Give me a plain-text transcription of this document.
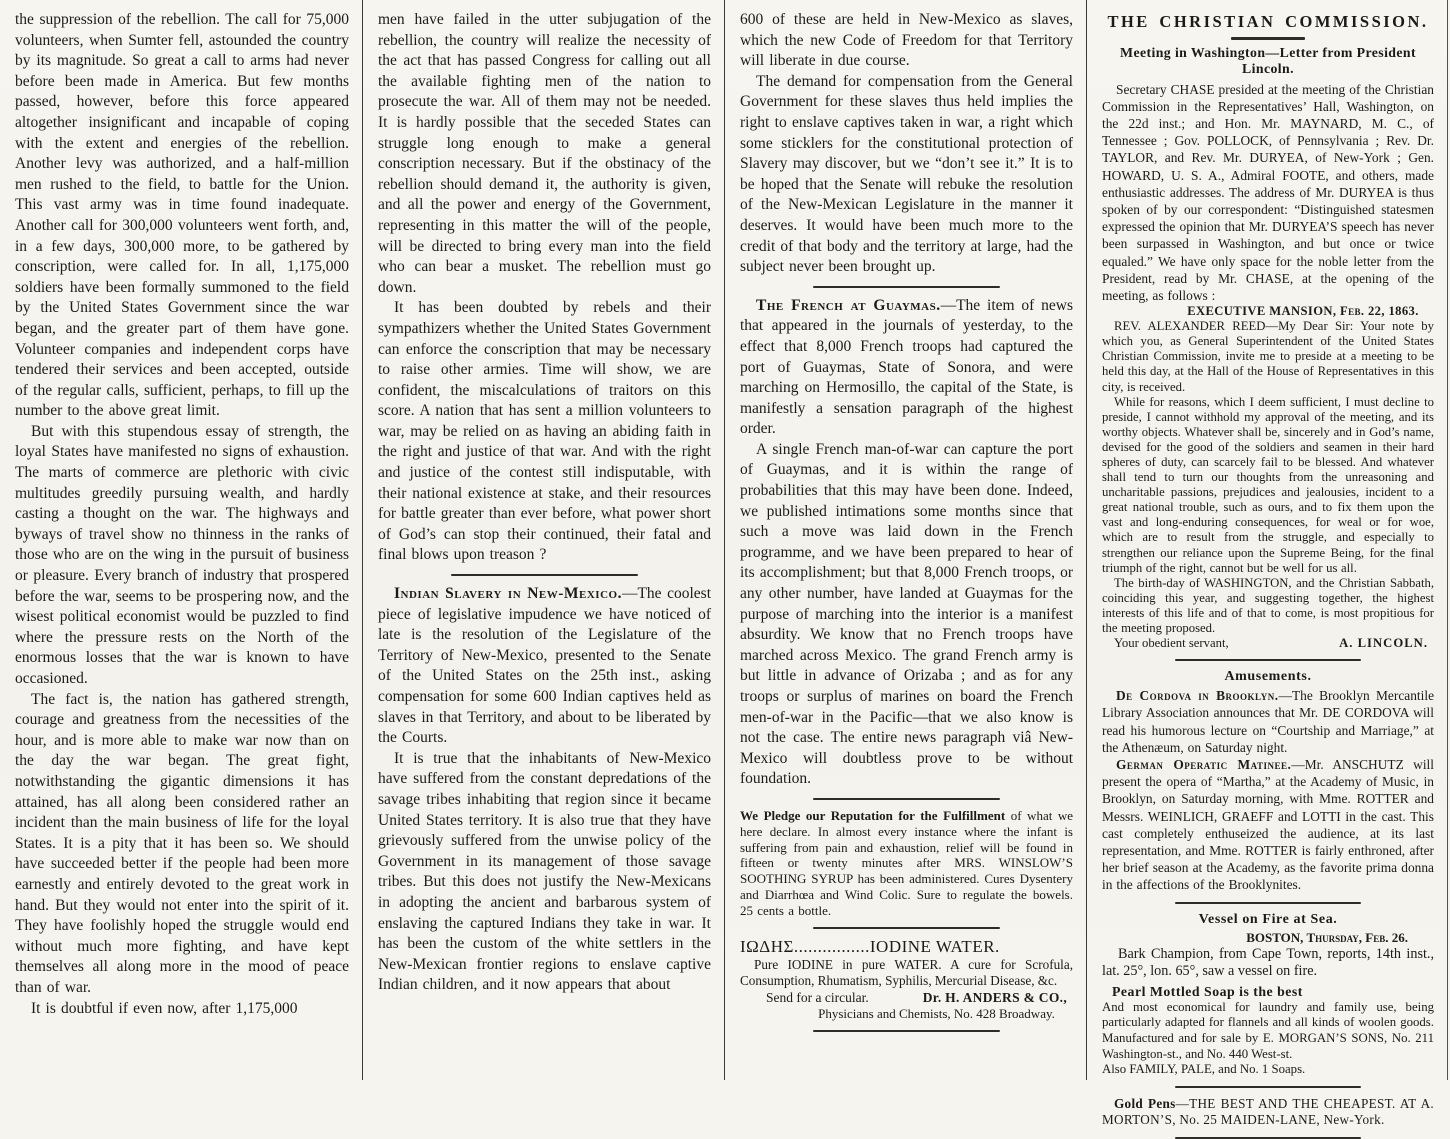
the suppression of the rebellion. The call for 75,000 volunteers, when Sumter fell, astounded the country by its magnitude. So great a call to arms had never before been made in America. But few months passed, however, before this force appeared altogether insignificant and incapable of coping with the extent and energies of the rebellion. Another levy was authorized, and a half-million men rushed to the field, to battle for the Union. This vast army was in time found inadequate. Another call for 300,000 volunteers went forth, and, in a few days, 300,000 more, to be gathered by conscription, were called for. In all, 1,175,000 soldiers have been formally summoned to the field by the United States Government since the war began, and the greater part of them have gone. Volunteer companies and independent corps have tendered their services and been accepted, outside of the regular calls, sufficient, perhaps, to fill up the number to the above great limit.

But with this stupendous essay of strength, the loyal States have manifested no signs of exhaustion. The marts of commerce are plethoric with civic multitudes greedily pursuing wealth, and hardly casting a thought on the war. The highways and byways of travel show no thinness in the ranks of those who are on the wing in the pursuit of business or pleasure. Every branch of industry that prospered before the war, seems to be prospering now, and the wisest political economist would be puzzled to find where the pressure rests on the North of the enormous losses that the war is known to have occasioned.

The fact is, the nation has gathered strength, courage and greatness from the necessities of the hour, and is more able to make war now than on the day the war began. The great fight, notwithstanding the gigantic dimensions it has attained, has all along been considered rather an incident than the main business of life for the loyal States. It is a pity that it has been so. We should have succeeded better if the people had been more earnestly and entirely devoted to the great work in hand. But they would not enter into the spirit of it. They have foolishly hoped the struggle would end without much more fighting, and have kept themselves all along more in the mood of peace than of war.

It is doubtful if even now, after 1,175,000

men have failed in the utter subjugation of the rebellion, the country will realize the necessity of the act that has passed Congress for calling out all the available fighting men of the nation to prosecute the war. All of them may not be needed. It is hardly possible that the seceded States can struggle long enough to make a general conscription necessary. But if the obstinacy of the rebellion should demand it, the authority is given, and all the power and energy of the Government, representing in this matter the will of the people, will be directed to bring every man into the field who can bear a musket. The rebellion must go down.

It has been doubted by rebels and their sympathizers whether the United States Government can enforce the conscription that may be necessary to raise other armies. Time will show, we are confident, the miscalculations of traitors on this score. A nation that has sent a million volunteers to war, may be relied on as having an abiding faith in the right and justice of that war. And with the right and justice of the contest still indisputable, with their national existence at stake, and their resources for battle greater than ever before, what power short of God’s can stop their continued, their fatal and final blows upon treason ?

Indian Slavery in New-Mexico.—The coolest piece of legislative impudence we have noticed of late is the resolution of the Legislature of the Territory of New-Mexico, presented to the Senate of the United States on the 25th inst., asking compensation for some 600 Indian captives held as slaves in that Territory, and about to be liberated by the Courts.

It is true that the inhabitants of New-Mexico have suffered from the constant depredations of the savage tribes inhabiting that region since it became United States territory. It is also true that they have grievously suffered from the unwise policy of the Government in its management of those savage tribes. But this does not justify the New-Mexicans in adopting the ancient and barbarous system of enslaving the captured Indians they take in war. It has been the custom of the white settlers in the New-Mexican frontier regions to enslave captive Indian children, and it now appears that about

600 of these are held in New-Mexico as slaves, which the new Code of Freedom for that Territory will liberate in due course.

The demand for compensation from the General Government for these slaves thus held implies the right to enslave captives taken in war, a right which some sticklers for the constitutional protection of Slavery may discover, but we “don’t see it.” It is to be hoped that the Senate will rebuke the resolution of the New-Mexican Legislature in the manner it deserves. It would have been much more to the credit of that body and the territory at large, had the subject never been brought up.

The French at Guaymas.—The item of news that appeared in the journals of yesterday, to the effect that 8,000 French troops had captured the port of Guaymas, State of Sonora, and were marching on Hermosillo, the capital of the State, is manifestly a sensation paragraph of the highest order.

A single French man-of-war can capture the port of Guaymas, and it is within the range of probabilities that this may have been done. Indeed, we published intimations some months since that such a move was laid down in the French programme, and we have been prepared to hear of its accomplishment; but that 8,000 French troops, or any other number, have landed at Guaymas for the purpose of marching into the interior is a manifest absurdity. We know that no French troops have marched across Mexico. The grand French army is but little in advance of Orizaba ; and as for any troops or surplus of marines on board the French men-of-war in the Pacific—that we also know is not the case. The entire news paragraph viâ New-Mexico will doubtless prove to be without foundation.

We Pledge our Reputation for the Fulfillment of what we here declare. In almost every instance where the infant is suffering from pain and exhaustion, relief will be found in fifteen or twenty minutes after MRS. WINSLOW’S SOOTHING SYRUP has been administered. Cures Dysentery and Diarrhœa and Wind Colic. Sure to regulate the bowels. 25 cents a bottle.

ΙΩΔΗΣ................IODINE WATER.

Pure IODINE in pure WATER. A cure for Scrofula, Consumption, Rhumatism, Syphilis, Mercurial Disease, &c.

Send for a circular.	Dr. H. ANDERS & CO.,
Physicians and Chemists, No. 428 Broadway.
THE CHRISTIAN COMMISSION.
Meeting in Washington—Letter from President Lincoln.

Secretary CHASE presided at the meeting of the Christian Commission in the Representatives’ Hall, Washington, on the 22d inst.; and Hon. Mr. MAYNARD, M. C., of Tennessee ; Gov. POLLOCK, of Pennsylvania ; Rev. Dr. TAYLOR, and Rev. Mr. DURYEA, of New-York ; Gen. HOWARD, U. S. A., Admiral FOOTE, and others, made enthusiastic addresses. The address of Mr. DURYEA is thus spoken of by our correspondent: “Distinguished statesmen expressed the opinion that Mr. DURYEA’S speech has never been surpassed in Washington, and but once or twice equaled.” We have only space for the noble letter from the President, read by Mr. CHASE, at the opening of the meeting, as follows :

EXECUTIVE MANSION, Feb. 22, 1863.

REV. ALEXANDER REED—My Dear Sir: Your note by which you, as General Superintendent of the United States Christian Commission, invite me to preside at a meeting to be held this day, at the Hall of the House of Representatives in this city, is received.

While for reasons, which I deem sufficient, I must decline to preside, I cannot withhold my approval of the meeting, and its worthy objects. Whatever shall be, sincerely and in God’s name, devised for the good of the soldiers and seamen in their hard spheres of duty, can scarcely fail to be blessed. And whatever shall tend to turn our thoughts from the unreasoning and uncharitable passions, prejudices and jealousies, incident to a great national trouble, such as ours, and to fix them upon the vast and long-enduring consequences, for weal or for woe, which are to result from the struggle, and especially to strengthen our reliance upon the Supreme Being, for the final triumph of the right, cannot but be well for us all.

The birth-day of WASHINGTON, and the Christian Sabbath, coinciding this year, and suggesting together, the highest interests of this life and of that to come, is most propitious for the meeting proposed.

Your obedient servant,	A. LINCOLN.
Amusements.

De Cordova in Brooklyn.—The Brooklyn Mercantile Library Association announces that Mr. DE CORDOVA will read his humorous lecture on “Courtship and Marriage,” at the Athenæum, on Saturday night.

German Operatic Matinee.—Mr. ANSCHUTZ will present the opera of “Martha,” at the Academy of Music, in Brooklyn, on Saturday morning, with Mme. ROTTER and Messrs. WEINLICH, GRAEFF and LOTTI in the cast. This cast completely enthuseized the audience, at its last representation, and Mme. ROTTER is fairly enthroned, after her brief season at the Academy, as the favorite prima donna in the affections of the Brooklynites.

Vessel on Fire at Sea.
BOSTON, Thursday, Feb. 26.

Bark Champion, from Cape Town, reports, 14th inst., lat. 25°, lon. 65°, saw a vessel on fire.

Pearl Mottled Soap is the best

And most economical for laundry and family use, being particularly adapted for flannels and all kinds of woolen goods. Manufactured and for sale by E. MORGAN’S SONS, No. 211 Washington-st., and No. 440 West-st.

Also FAMILY, PALE, and No. 1 Soaps.

Gold Pens—THE BEST AND THE CHEAPEST. AT A. MORTON’S, No. 25 MAIDEN-LANE, New-York.
